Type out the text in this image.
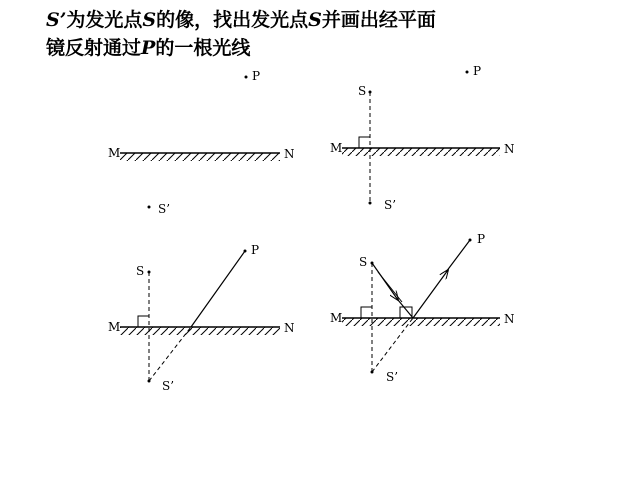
S’为发光点S的像，找出发光点S并画出经平面
镜反射通过P的一根光线
M	N
P
S’
M	N
S
S’
P
M	N
S
S’
P
M	N
S
S’
P
